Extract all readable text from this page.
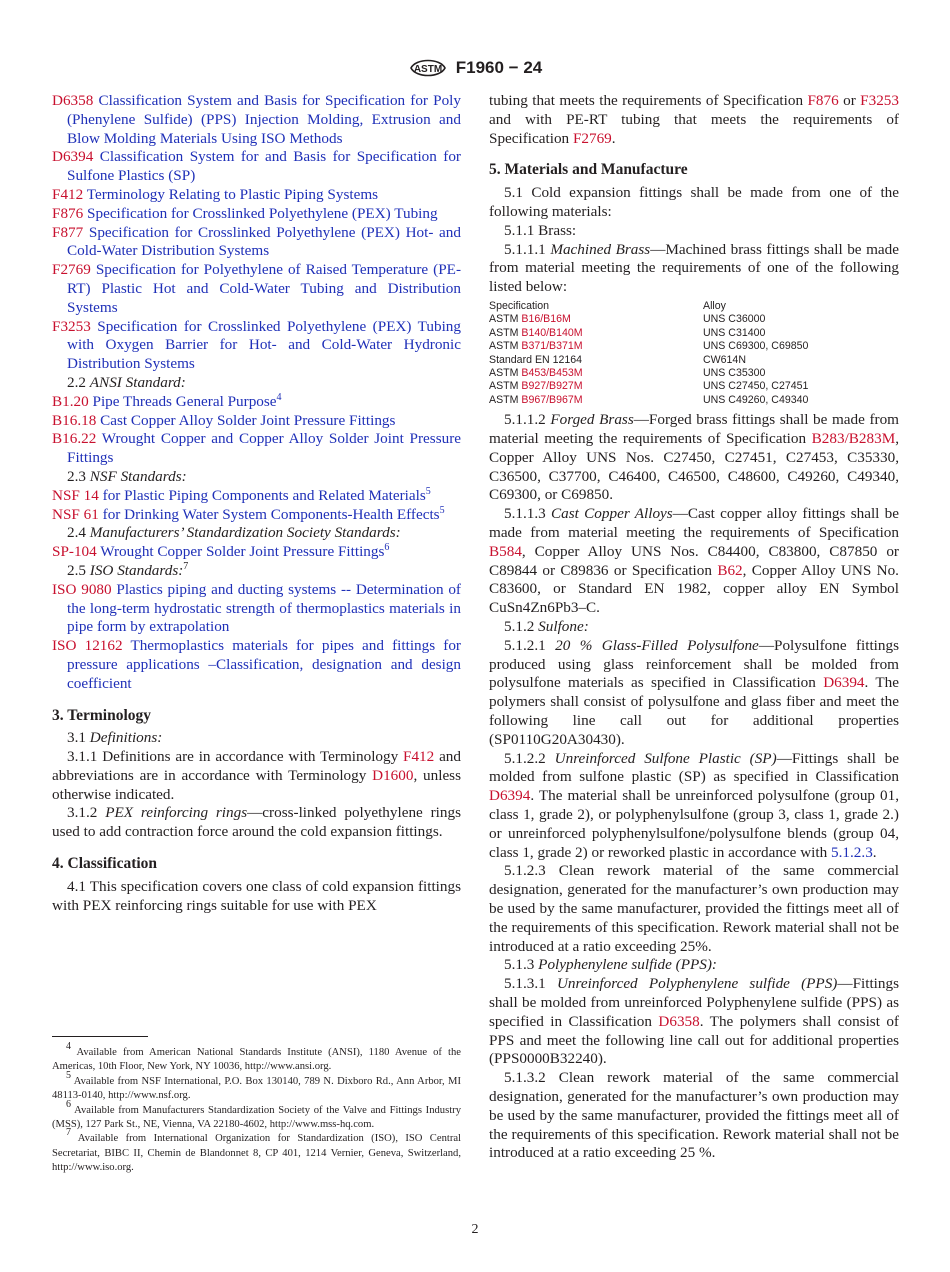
ASTM F1960 − 24

D6358 Classification System and Basis for Specification for Poly (Phenylene Sulfide) (PPS) Injection Molding, Extrusion and Blow Molding Materials Using ISO Methods

D6394 Classification System for and Basis for Specification for Sulfone Plastics (SP)

F412 Terminology Relating to Plastic Piping Systems

F876 Specification for Crosslinked Polyethylene (PEX) Tubing

F877 Specification for Crosslinked Polyethylene (PEX) Hot- and Cold-Water Distribution Systems

F2769 Specification for Polyethylene of Raised Temperature (PE-RT) Plastic Hot and Cold-Water Tubing and Distribution Systems

F3253 Specification for Crosslinked Polyethylene (PEX) Tubing with Oxygen Barrier for Hot- and Cold-Water Hydronic Distribution Systems

2.2 ANSI Standard:

B1.20 Pipe Threads General Purpose$^4$

B16.18 Cast Copper Alloy Solder Joint Pressure Fittings

B16.22 Wrought Copper and Copper Alloy Solder Joint Pressure Fittings

2.3 NSF Standards:

NSF 14 for Plastic Piping Components and Related Materials$^5$

NSF 61 for Drinking Water System Components-Health Effects$^5$

2.4 Manufacturers’ Standardization Society Standards:

SP-104 Wrought Copper Solder Joint Pressure Fittings$^6$

2.5 ISO Standards:$^7$

ISO 9080 Plastics piping and ducting systems -- Determination of the long-term hydrostatic strength of thermoplastics materials in pipe form by extrapolation

ISO 12162 Thermoplastics materials for pipes and fittings for pressure applications –Classification, designation and design coefficient

3. Terminology

3.1 Definitions:

3.1.1 Definitions are in accordance with Terminology F412 and abbreviations are in accordance with Terminology D1600, unless otherwise indicated.

3.1.2 PEX reinforcing rings—cross-linked polyethylene rings used to add contraction force around the cold expansion fittings.

4. Classification

4.1 This specification covers one class of cold expansion fittings with PEX reinforcing rings suitable for use with PEX

$^4$ Available from American National Standards Institute (ANSI), 1180 Avenue of the Americas, 10th Floor, New York, NY 10036, http://www.ansi.org.

$^5$ Available from NSF International, P.O. Box 130140, 789 N. Dixboro Rd., Ann Arbor, MI 48113-0140, http://www.nsf.org.

$^6$ Available from Manufacturers Standardization Society of the Valve and Fittings Industry (MSS), 127 Park St., NE, Vienna, VA 22180-4602, http://www.mss-hq.com.

$^7$ Available from International Organization for Standardization (ISO), ISO Central Secretariat, BIBC II, Chemin de Blandonnet 8, CP 401, 1214 Vernier, Geneva, Switzerland, http://www.iso.org.

tubing that meets the requirements of Specification F876 or F3253 and with PE-RT tubing that meets the requirements of Specification F2769.

5. Materials and Manufacture

5.1 Cold expansion fittings shall be made from one of the following materials:

5.1.1 Brass:

5.1.1.1 Machined Brass—Machined brass fittings shall be made from material meeting the requirements of one of the following listed below:

Specification	Alloy
ASTM B16/B16M	UNS C36000
ASTM B140/B140M	UNS C31400
ASTM B371/B371M	UNS C69300, C69850
Standard EN 12164	CW614N
ASTM B453/B453M	UNS C35300
ASTM B927/B927M	UNS C27450, C27451
ASTM B967/B967M	UNS C49260, C49340

5.1.1.2 Forged Brass—Forged brass fittings shall be made from material meeting the requirements of Specification B283/B283M, Copper Alloy UNS Nos. C27450, C27451, C27453, C35330, C36500, C37700, C46400, C46500, C48600, C49260, C49340, C69300, or C69850.

5.1.1.3 Cast Copper Alloys—Cast copper alloy fittings shall be made from material meeting the requirements of Specification B584, Copper Alloy UNS Nos. C84400, C83800, C87850 or C89844 or C89836 or Specification B62, Copper Alloy UNS No. C83600, or Standard EN 1982, copper alloy EN Symbol CuSn4Zn6Pb3–C.

5.1.2 Sulfone:

5.1.2.1 20 % Glass-Filled Polysulfone—Polysulfone fittings produced using glass reinforcement shall be molded from polysulfone materials as specified in Classification D6394. The polymers shall consist of polysulfone and glass fiber and meet the following line call out for additional properties (SP0110G20A30430).

5.1.2.2 Unreinforced Sulfone Plastic (SP)—Fittings shall be molded from sulfone plastic (SP) as specified in Classification D6394. The material shall be unreinforced polysulfone (group 01, class 1, grade 2), or polyphenylsulfone (group 3, class 1, grade 2.) or unreinforced polyphenylsulfone/polysulfone blends (group 04, class 1, grade 2) or reworked plastic in accordance with 5.1.2.3.

5.1.2.3 Clean rework material of the same commercial designation, generated for the manufacturer’s own production may be used by the same manufacturer, provided the fittings meet all of the requirements of this specification. Rework material shall not be introduced at a ratio exceeding 25%.

5.1.3 Polyphenylene sulfide (PPS):

5.1.3.1 Unreinforced Polyphenylene sulfide (PPS)—Fittings shall be molded from unreinforced Polyphenylene sulfide (PPS) as specified in Classification D6358. The polymers shall consist of PPS and meet the following line call out for additional properties (PPS0000B32240).

5.1.3.2 Clean rework material of the same commercial designation, generated for the manufacturer’s own production may be used by the same manufacturer, provided the fittings meet all of the requirements of this specification. Rework material shall not be introduced at a ratio exceeding 25 %.

2
